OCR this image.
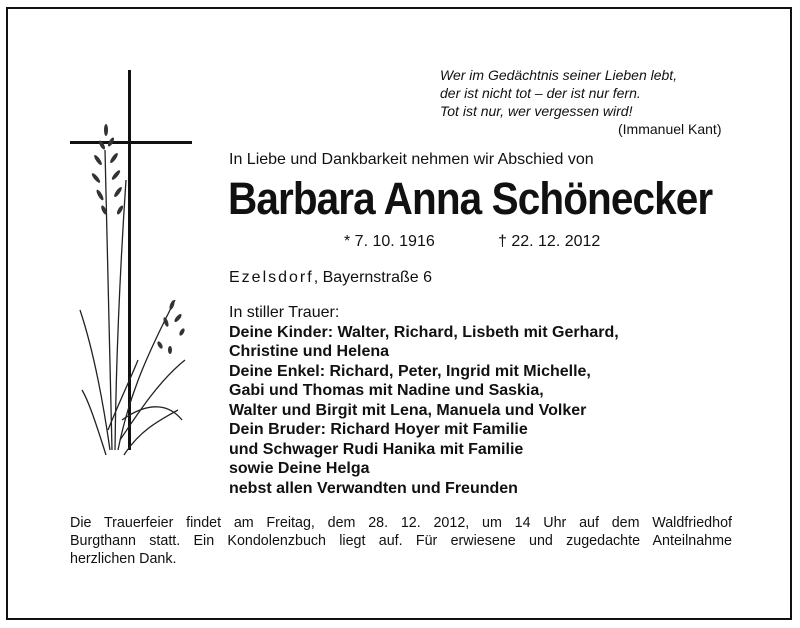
Wer im Gedächtnis seiner Lieben lebt,
der ist nicht tot – der ist nur fern.
Tot ist nur, wer vergessen wird!
(Immanuel Kant)
In Liebe und Dankbarkeit nehmen wir Abschied von
Barbara Anna Schönecker
* 7. 10. 1916	† 22. 12. 2012
Ezelsdorf, Bayernstraße 6
In stiller Trauer:
Deine Kinder: Walter, Richard, Lisbeth mit Gerhard,
Christine und Helena
Deine Enkel: Richard, Peter, Ingrid mit Michelle,
Gabi und Thomas mit Nadine und Saskia,
Walter und Birgit mit Lena, Manuela und Volker
Dein Bruder: Richard Hoyer mit Familie
und Schwager Rudi Hanika mit Familie
sowie Deine Helga
nebst allen Verwandten und Freunden
Die Trauerfeier findet am Freitag, dem 28. 12. 2012, um 14 Uhr auf dem Waldfriedhof
Burgthann statt. Ein Kondolenzbuch liegt auf. Für erwiesene und zugedachte Anteilnahme
herzlichen Dank.
